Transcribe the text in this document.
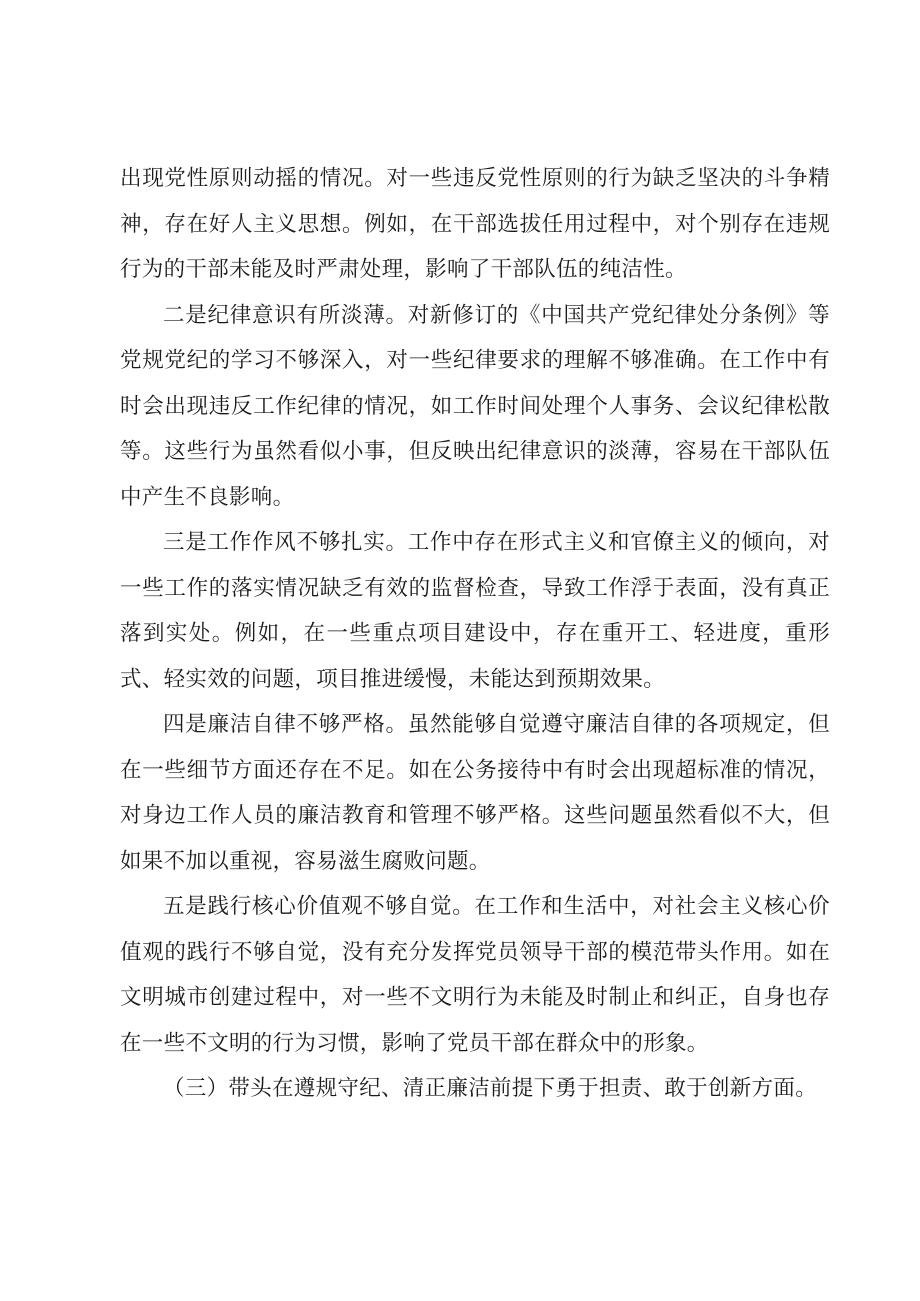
出现党性原则动摇的情况。对一些违反党性原则的行为缺乏坚决的斗争精神，存在好人主义思想。例如，在干部选拔任用过程中，对个别存在违规行为的干部未能及时严肃处理，影响了干部队伍的纯洁性。

二是纪律意识有所淡薄。对新修订的《中国共产党纪律处分条例》等党规党纪的学习不够深入，对一些纪律要求的理解不够准确。在工作中有时会出现违反工作纪律的情况，如工作时间处理个人事务、会议纪律松散等。这些行为虽然看似小事，但反映出纪律意识的淡薄，容易在干部队伍中产生不良影响。

三是工作作风不够扎实。工作中存在形式主义和官僚主义的倾向，对一些工作的落实情况缺乏有效的监督检查，导致工作浮于表面，没有真正落到实处。例如，在一些重点项目建设中，存在重开工、轻进度，重形式、轻实效的问题，项目推进缓慢，未能达到预期效果。

四是廉洁自律不够严格。虽然能够自觉遵守廉洁自律的各项规定，但在一些细节方面还存在不足。如在公务接待中有时会出现超标准的情况，对身边工作人员的廉洁教育和管理不够严格。这些问题虽然看似不大，但如果不加以重视，容易滋生腐败问题。

五是践行核心价值观不够自觉。在工作和生活中，对社会主义核心价值观的践行不够自觉，没有充分发挥党员领导干部的模范带头作用。如在文明城市创建过程中，对一些不文明行为未能及时制止和纠正，自身也存在一些不文明的行为习惯，影响了党员干部在群众中的形象。

（三）带头在遵规守纪、清正廉洁前提下勇于担责、敢于创新方面。
